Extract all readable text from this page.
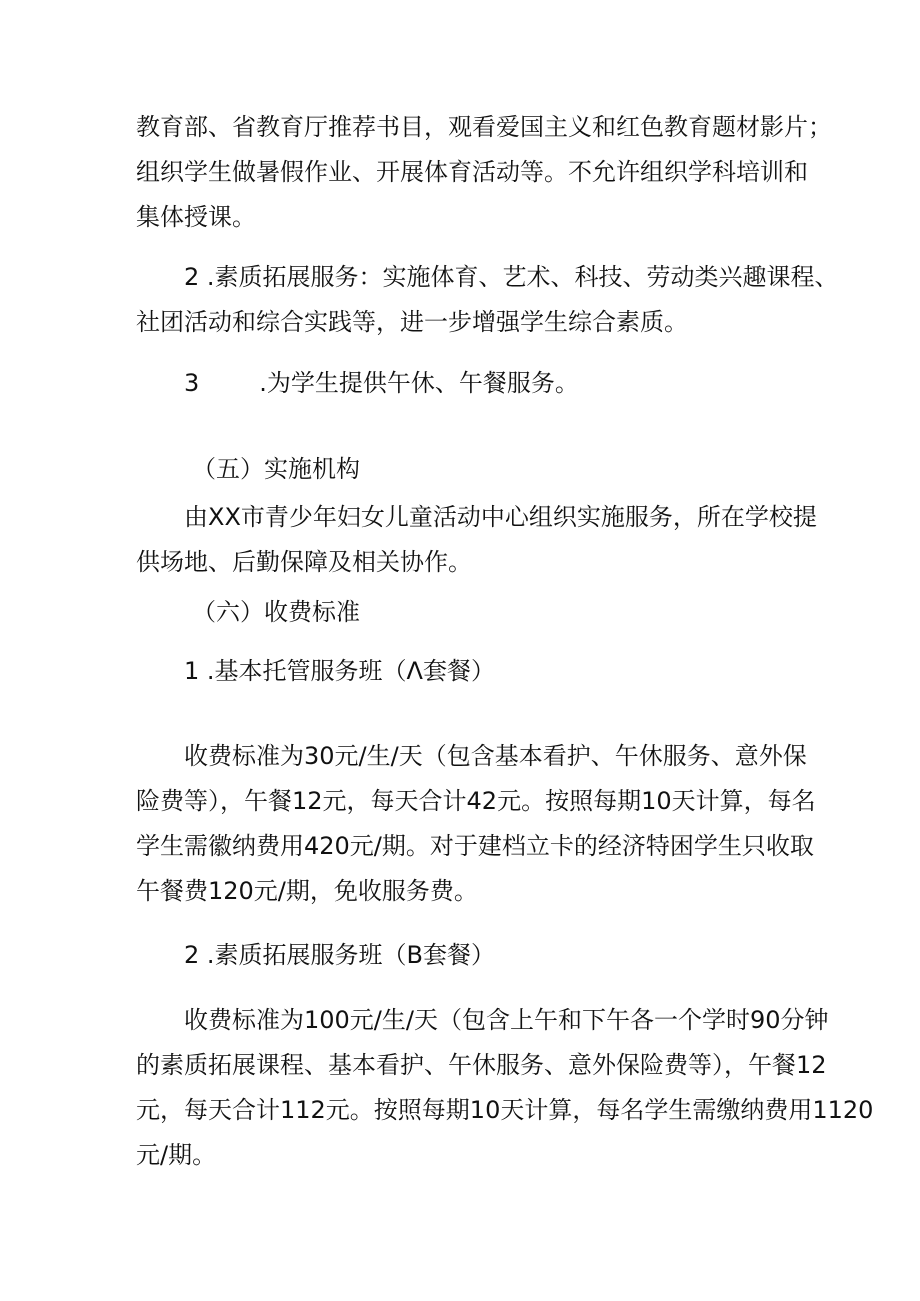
教育部、省教育厅推荐书目，观看爱国主义和红色教育题材影片；
组织学生做暑假作业、开展体育活动等。不允许组织学科培训和
集体授课。
2 .素质拓展服务：实施体育、艺术、科技、劳动类兴趣课程、
社团活动和综合实践等，进一步增强学生综合素质。
3	.为学生提供午休、午餐服务。
（五）实施机构
由XX市青少年妇女儿童活动中心组织实施服务，所在学校提
供场地、后勤保障及相关协作。
（六）收费标准
1 .基本托管服务班（Λ套餐）
收费标准为30元/生/天（包含基本看护、午休服务、意外保
险费等），午餐12元，每天合计42元。按照每期10天计算，每名
学生需徽纳费用420元/期。对于建档立卡的经济特困学生只收取
午餐费120元/期，免收服务费。
2 .素质拓展服务班（B套餐）
收费标准为100元/生/天（包含上午和下午各一个学时90分钟
的素质拓展课程、基本看护、午休服务、意外保险费等），午餐12
元，每天合计112元。按照每期10天计算，每名学生需缴纳费用1120
元/期。
